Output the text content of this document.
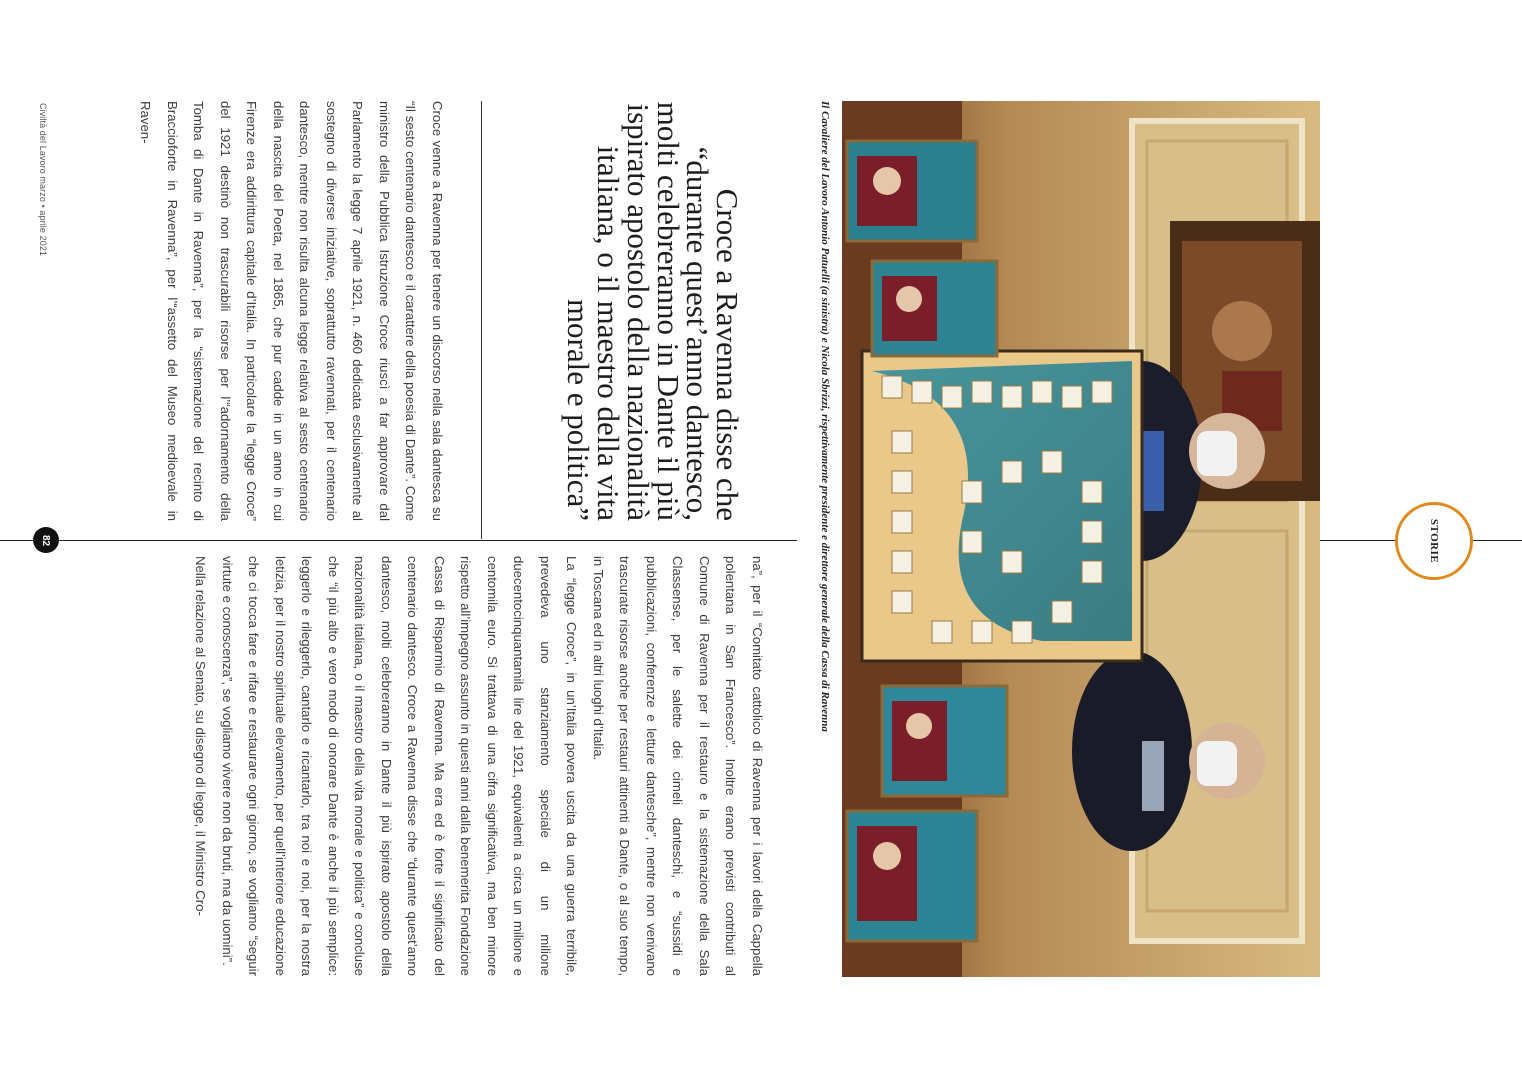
Civiltà del Lavoro marzo • aprile 2021
82	STORIE

Croce venne a Ravenna per tenere un discorso nella sala dantesca su “Il sesto centenario dantesco e il carattere della poesia di Dante”. Come ministro della Pubblica Istruzione Croce riuscì a far approvare dal Parlamento la legge 7 aprile 1921, n. 460 dedicata esclusivamente al sostegno di diverse iniziative, soprattutto ravennati, per il centenario dantesco, mentre non risulta alcuna legge relativa al sesto centenario della nascita del Poeta, nel 1865, che pur cadde in un anno in cui Firenze era addirittura capitale d’Italia. In particolare la “legge Croce” del 1921 destinò non trascurabili risorse per l’“adornamento della Tomba di Dante in Ravenna”, per la “sistemazione del recinto di Braccioforte in Ravenna”, per l’“assetto del Museo medioevale in Raven-

Croce a Ravenna disse che “durante quest’anno dantesco, molti celebreranno in Dante il più ispirato apostolo della nazionalità italiana, o il maestro della vita morale e politica”

na”, per il “Comitato cattolico di Ravenna per i lavori della Cappella polentana in San Francesco”. Inoltre erano previsti contributi al Comune di Ravenna per il restauro e la sistemazione della Sala Classense, per le salette dei cimeli danteschi, e “sussidi e pubblicazioni, conferenze e letture dantesche”, mentre non venivano trascurate risorse anche per restauri attinenti a Dante, o al suo tempo, in Toscana ed in altri luoghi d’Italia.

La “legge Croce”, in un’Italia povera uscita da una guerra terribile, prevedeva uno stanziamento speciale di un milione duecentocinquantamila lire del 1921, equivalenti a circa un milione e centomila euro. Si trattava di una cifra significativa, ma ben minore rispetto all’impegno assunto in questi anni dalla benemerita Fondazione Cassa di Risparmio di Ravenna. Ma era ed è forte il significato del centenario dantesco. Croce a Ravenna disse che “durante quest’anno dantesco, molti celebreranno in Dante il più ispirato apostolo della nazionalità italiana, o il maestro della vita morale e politica” e concluse che “il più alto e vero modo di onorare Dante è anche il più semplice: leggerlo e rileggerlo, cantarlo e ricantarlo, tra noi e noi, per la nostra letizia, per il nostro spirituale elevamento, per quell’interiore educazione che ci tocca fare e rifare e restaurare ogni giorno, se vogliamo “seguir virtute e conoscenza”, se vogliamo vivere non da bruti, ma da uomini”.

Nella relazione al Senato, su disegno di legge, il Ministro Cro-

Il Cavaliere del Lavoro Antonio Patuelli (a sinistra) e Nicola Sbrizzi, rispettivamente presidente e direttore generale della Cassa di Ravenna
